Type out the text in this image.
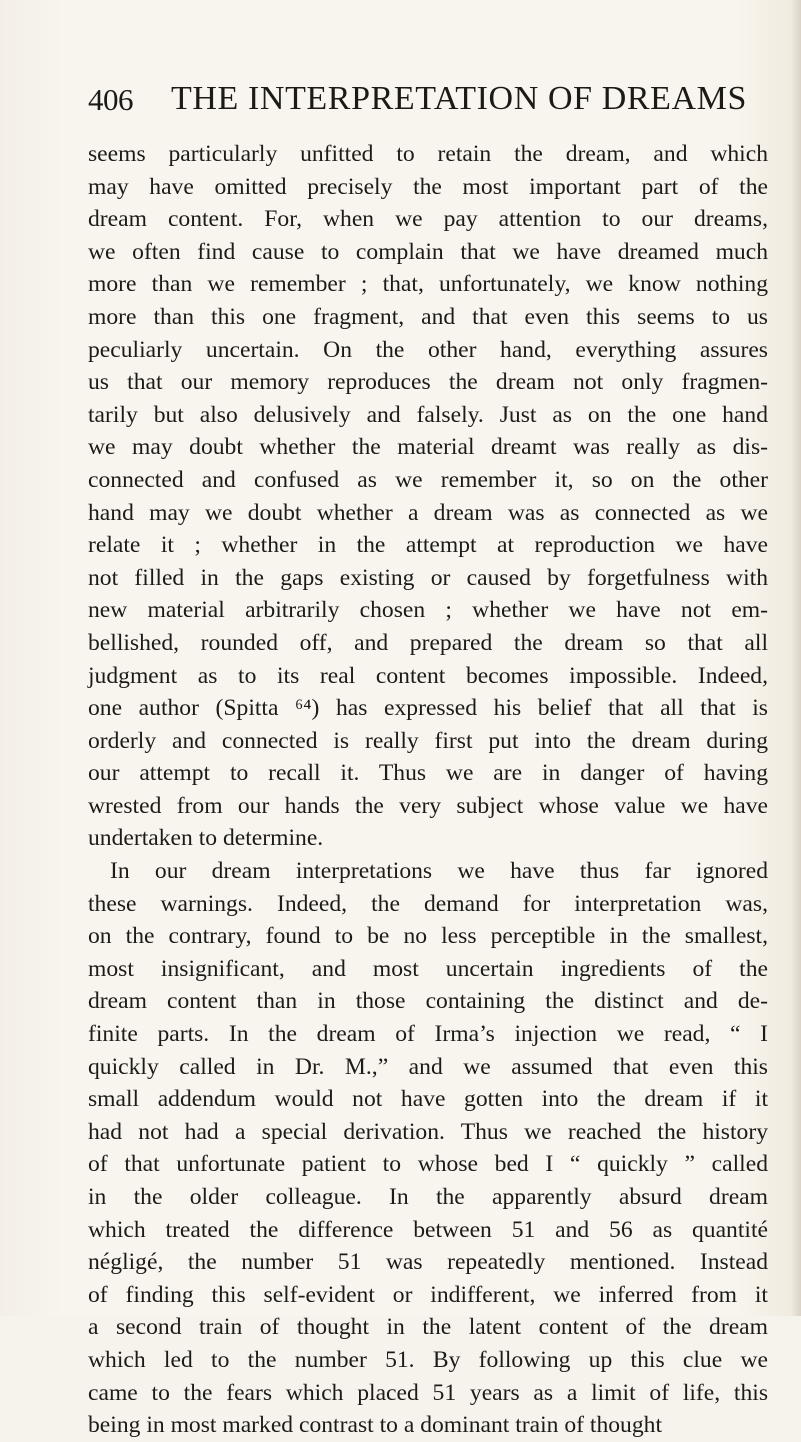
406 THE INTERPRETATION OF DREAMS
seems particularly unfitted to retain the dream, and which
may have omitted precisely the most important part of the
dream content. For, when we pay attention to our dreams,
we often find cause to complain that we have dreamed much
more than we remember ; that, unfortunately, we know nothing
more than this one fragment, and that even this seems to us
peculiarly uncertain. On the other hand, everything assures
us that our memory reproduces the dream not only fragmen-
tarily but also delusively and falsely. Just as on the one hand
we may doubt whether the material dreamt was really as dis-
connected and confused as we remember it, so on the other
hand may we doubt whether a dream was as connected as we
relate it ; whether in the attempt at reproduction we have
not filled in the gaps existing or caused by forgetfulness with
new material arbitrarily chosen ; whether we have not em-
bellished, rounded off, and prepared the dream so that all
judgment as to its real content becomes impossible. Indeed,
one author (Spitta ⁶⁴) has expressed his belief that all that is
orderly and connected is really first put into the dream during
our attempt to recall it. Thus we are in danger of having
wrested from our hands the very subject whose value we have
undertaken to determine.
In our dream interpretations we have thus far ignored
these warnings. Indeed, the demand for interpretation was,
on the contrary, found to be no less perceptible in the smallest,
most insignificant, and most uncertain ingredients of the
dream content than in those containing the distinct and de-
finite parts. In the dream of Irma’s injection we read, “ I
quickly called in Dr. M.,” and we assumed that even this
small addendum would not have gotten into the dream if it
had not had a special derivation. Thus we reached the history
of that unfortunate patient to whose bed I “ quickly ” called
in the older colleague. In the apparently absurd dream
which treated the difference between 51 and 56 as quantité
négligé, the number 51 was repeatedly mentioned. Instead
of finding this self-evident or indifferent, we inferred from it
a second train of thought in the latent content of the dream
which led to the number 51. By following up this clue we
came to the fears which placed 51 years as a limit of life, this
being in most marked contrast to a dominant train of thought
